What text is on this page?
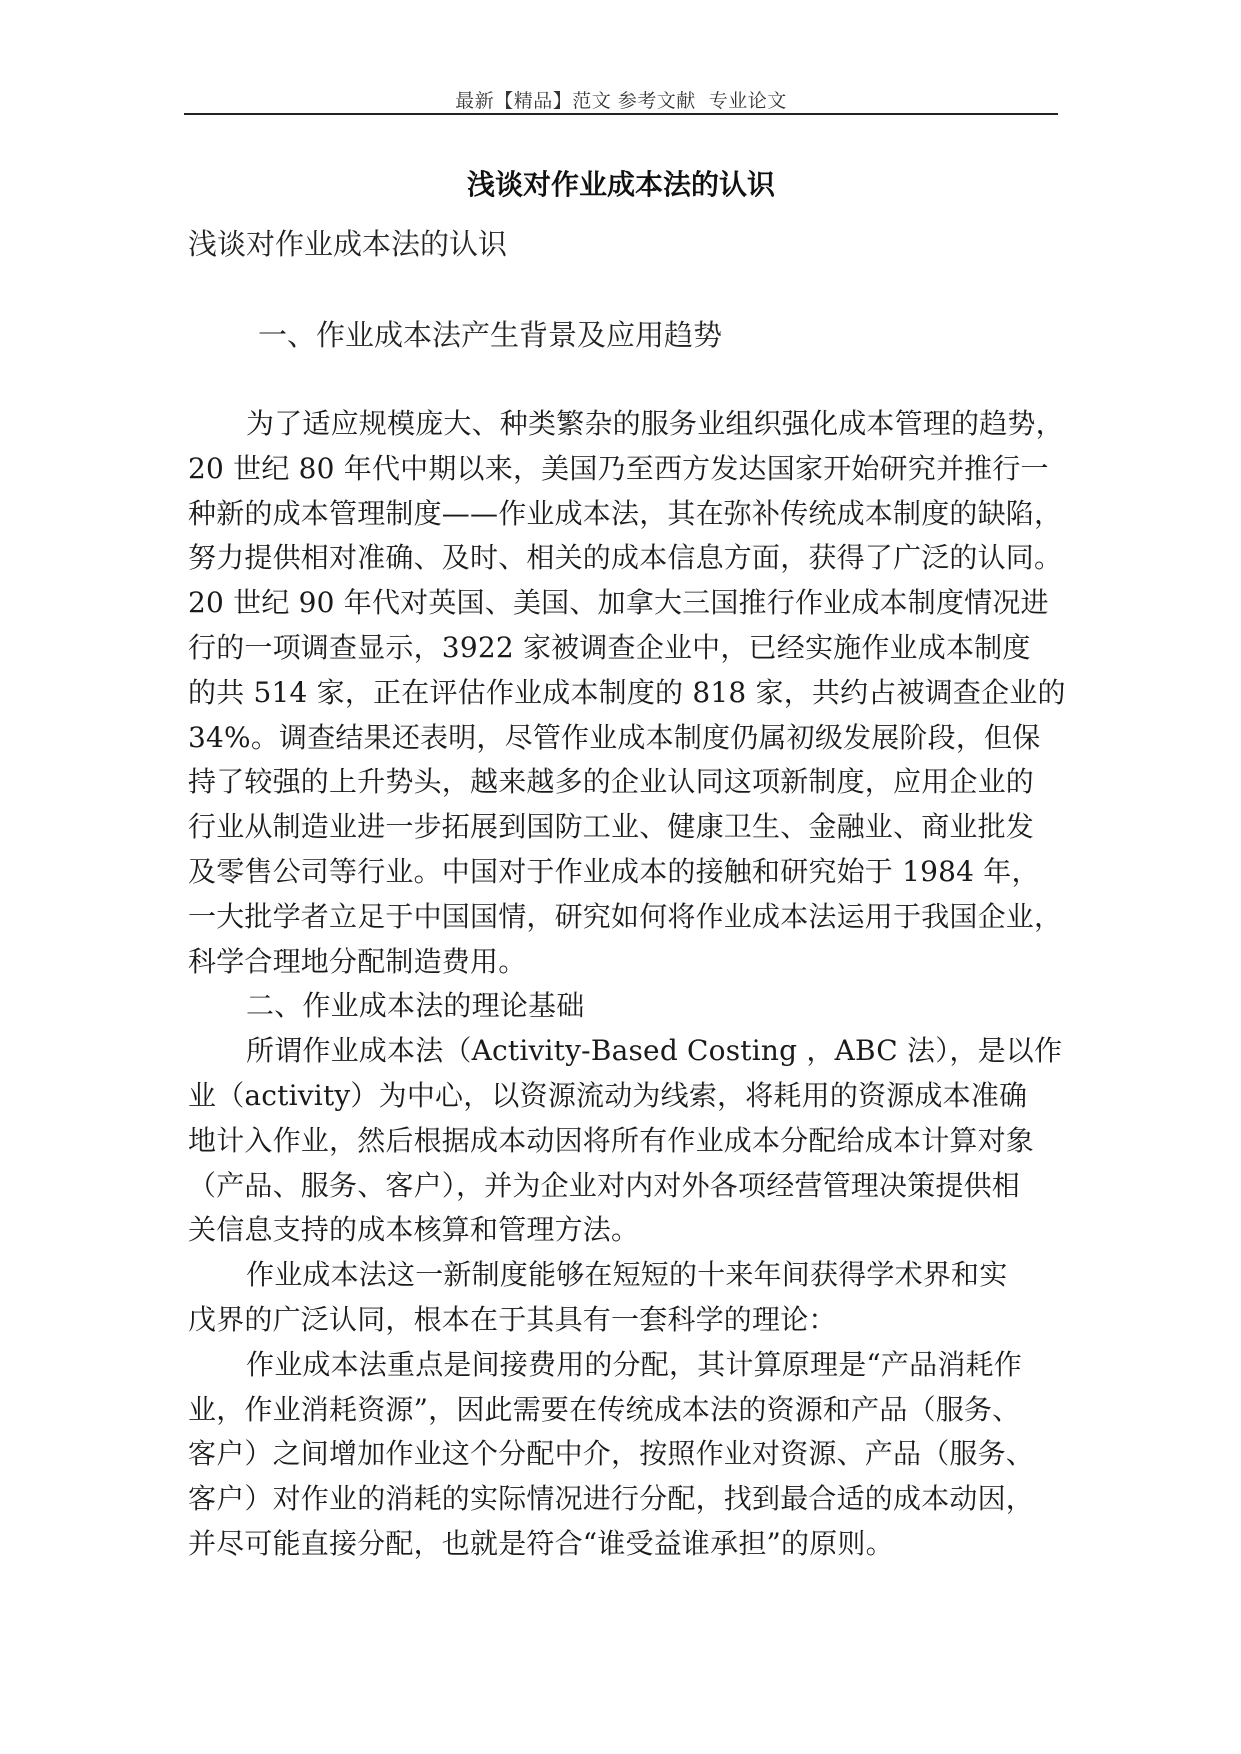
最新【精品】范文 参考文献  专业论文
浅谈对作业成本法的认识
浅谈对作业成本法的认识
一、作业成本法产生背景及应用趋势
为了适应规模庞大、种类繁杂的服务业组织强化成本管理的趋势，
20 世纪 80 年代中期以来，美国乃至西方发达国家开始研究并推行一
种新的成本管理制度——作业成本法，其在弥补传统成本制度的缺陷，
努力提供相对准确、及时、相关的成本信息方面，获得了广泛的认同。
20 世纪 90 年代对英国、美国、加拿大三国推行作业成本制度情况进
行的一项调查显示，3922 家被调查企业中，已经实施作业成本制度
的共 514 家，正在评估作业成本制度的 818 家，共约占被调查企业的
34%。调查结果还表明，尽管作业成本制度仍属初级发展阶段，但保
持了较强的上升势头，越来越多的企业认同这项新制度，应用企业的
行业从制造业进一步拓展到国防工业、健康卫生、金融业、商业批发
及零售公司等行业。中国对于作业成本的接触和研究始于 1984 年，
一大批学者立足于中国国情，研究如何将作业成本法运用于我国企业，
科学合理地分配制造费用。
二、作业成本法的理论基础
所谓作业成本法（Activity-Based Costing ，ABC 法），是以作
业（activity）为中心，以资源流动为线索，将耗用的资源成本准确
地计入作业，然后根据成本动因将所有作业成本分配给成本计算对象
（产品、服务、客户），并为企业对内对外各项经营管理决策提供相
关信息支持的成本核算和管理方法。
作业成本法这一新制度能够在短短的十来年间获得学术界和实
戊界的广泛认同，根本在于其具有一套科学的理论：
作业成本法重点是间接费用的分配，其计算原理是“产品消耗作
业，作业消耗资源”，因此需要在传统成本法的资源和产品（服务、
客户）之间增加作业这个分配中介，按照作业对资源、产品（服务、
客户）对作业的消耗的实际情况进行分配，找到最合适的成本动因，
并尽可能直接分配，也就是符合“谁受益谁承担”的原则。
